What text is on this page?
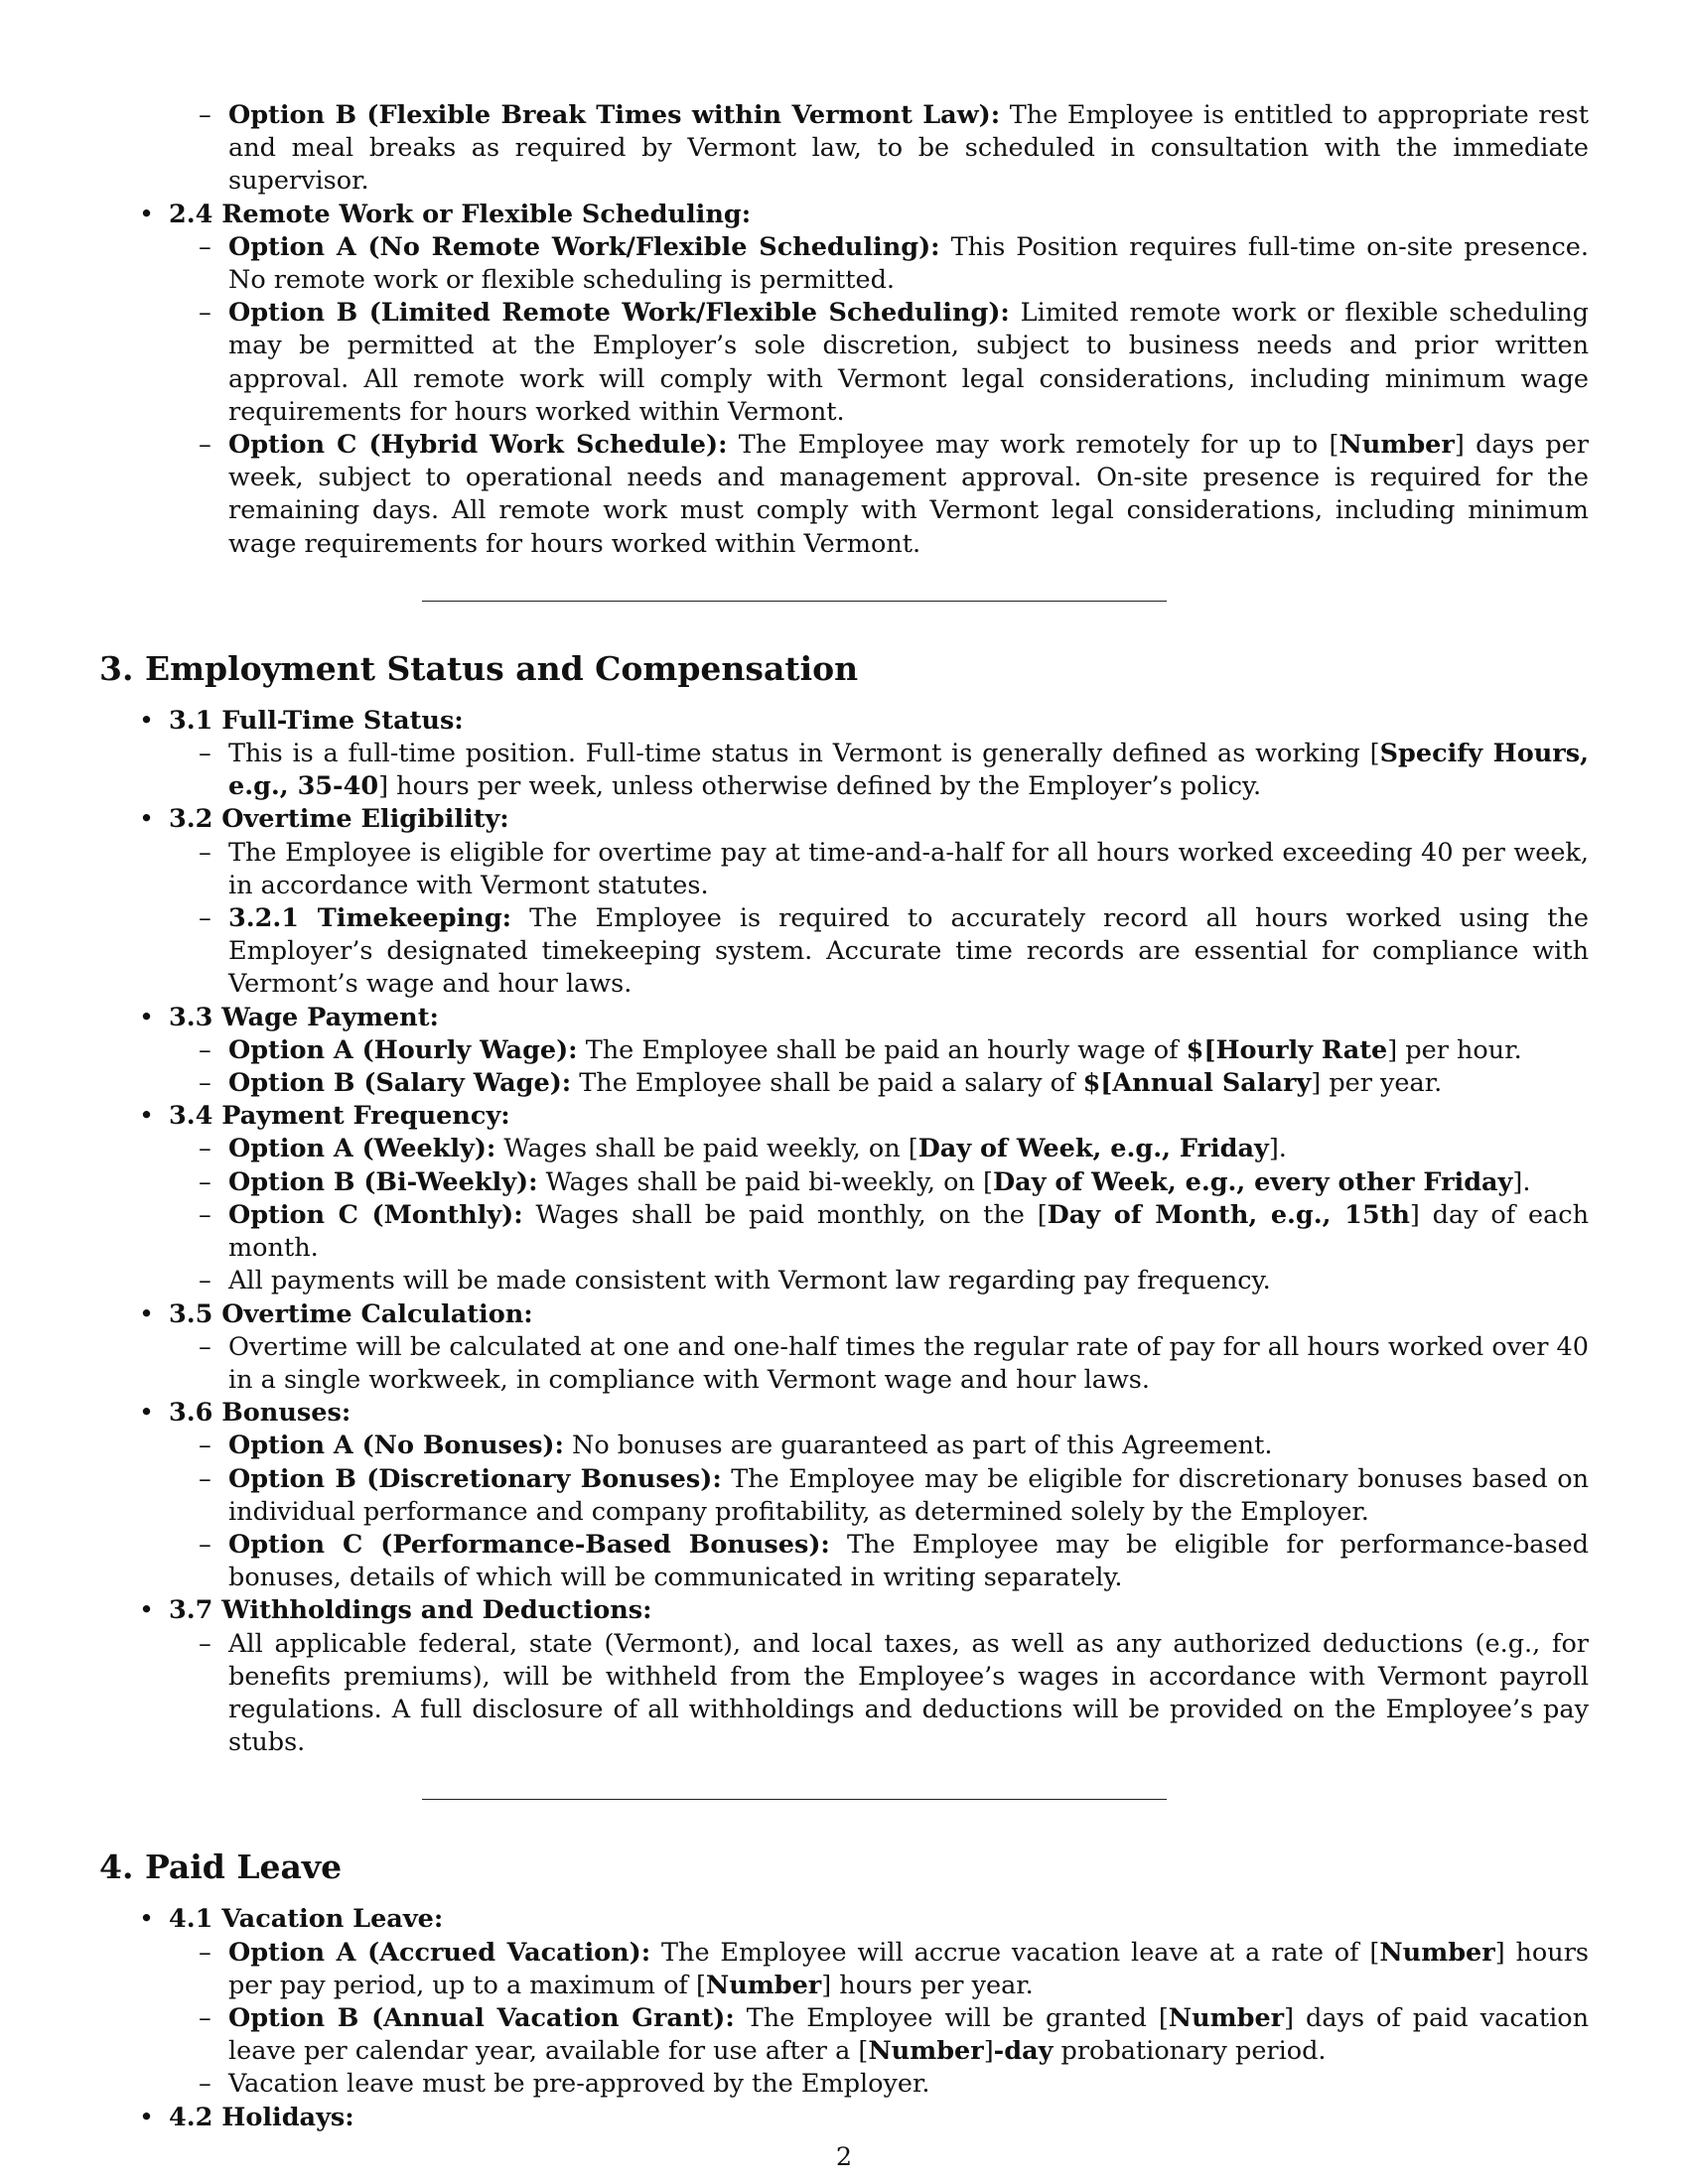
– Option B (Flexible Break Times within Vermont Law): The Employee is entitled to appropriate rest and meal breaks as required by Vermont law, to be scheduled in consultation with the immediate supervisor.
• 2.4 Remote Work or Flexible Scheduling:
– Option A (No Remote Work/Flexible Scheduling): This Position requires full-time on-site presence. No remote work or flexible scheduling is permitted.
– Option B (Limited Remote Work/Flexible Scheduling): Limited remote work or flexible scheduling may be permitted at the Employer’s sole discretion, subject to business needs and prior written approval. All remote work will comply with Vermont legal considerations, including minimum wage requirements for hours worked within Vermont.
– Option C (Hybrid Work Schedule): The Employee may work remotely for up to [Number] days per week, subject to operational needs and management approval. On-site presence is required for the remaining days. All remote work must comply with Vermont legal considerations, including minimum wage requirements for hours worked within Vermont.
3. Employment Status and Compensation
• 3.1 Full-Time Status:
– This is a full-time position. Full-time status in Vermont is generally defined as working [Specify Hours, e.g., 35-40] hours per week, unless otherwise defined by the Employer’s policy.
• 3.2 Overtime Eligibility:
– The Employee is eligible for overtime pay at time-and-a-half for all hours worked exceeding 40 per week, in accordance with Vermont statutes.
– 3.2.1 Timekeeping: The Employee is required to accurately record all hours worked using the Employer’s designated timekeeping system. Accurate time records are essential for compliance with Vermont’s wage and hour laws.
• 3.3 Wage Payment:
– Option A (Hourly Wage): The Employee shall be paid an hourly wage of $[Hourly Rate] per hour.
– Option B (Salary Wage): The Employee shall be paid a salary of $[Annual Salary] per year.
• 3.4 Payment Frequency:
– Option A (Weekly): Wages shall be paid weekly, on [Day of Week, e.g., Friday].
– Option B (Bi-Weekly): Wages shall be paid bi-weekly, on [Day of Week, e.g., every other Friday].
– Option C (Monthly): Wages shall be paid monthly, on the [Day of Month, e.g., 15th] day of each month.
– All payments will be made consistent with Vermont law regarding pay frequency.
• 3.5 Overtime Calculation:
– Overtime will be calculated at one and one-half times the regular rate of pay for all hours worked over 40 in a single workweek, in compliance with Vermont wage and hour laws.
• 3.6 Bonuses:
– Option A (No Bonuses): No bonuses are guaranteed as part of this Agreement.
– Option B (Discretionary Bonuses): The Employee may be eligible for discretionary bonuses based on individual performance and company profitability, as determined solely by the Employer.
– Option C (Performance-Based Bonuses): The Employee may be eligible for performance-based bonuses, details of which will be communicated in writing separately.
• 3.7 Withholdings and Deductions:
– All applicable federal, state (Vermont), and local taxes, as well as any authorized deductions (e.g., for benefits premiums), will be withheld from the Employee’s wages in accordance with Vermont payroll regulations. A full disclosure of all withholdings and deductions will be provided on the Employee’s pay stubs.
4. Paid Leave
• 4.1 Vacation Leave:
– Option A (Accrued Vacation): The Employee will accrue vacation leave at a rate of [Number] hours per pay period, up to a maximum of [Number] hours per year.
– Option B (Annual Vacation Grant): The Employee will be granted [Number] days of paid vacation leave per calendar year, available for use after a [Number]-day probationary period.
– Vacation leave must be pre-approved by the Employer.
• 4.2 Holidays:
2
